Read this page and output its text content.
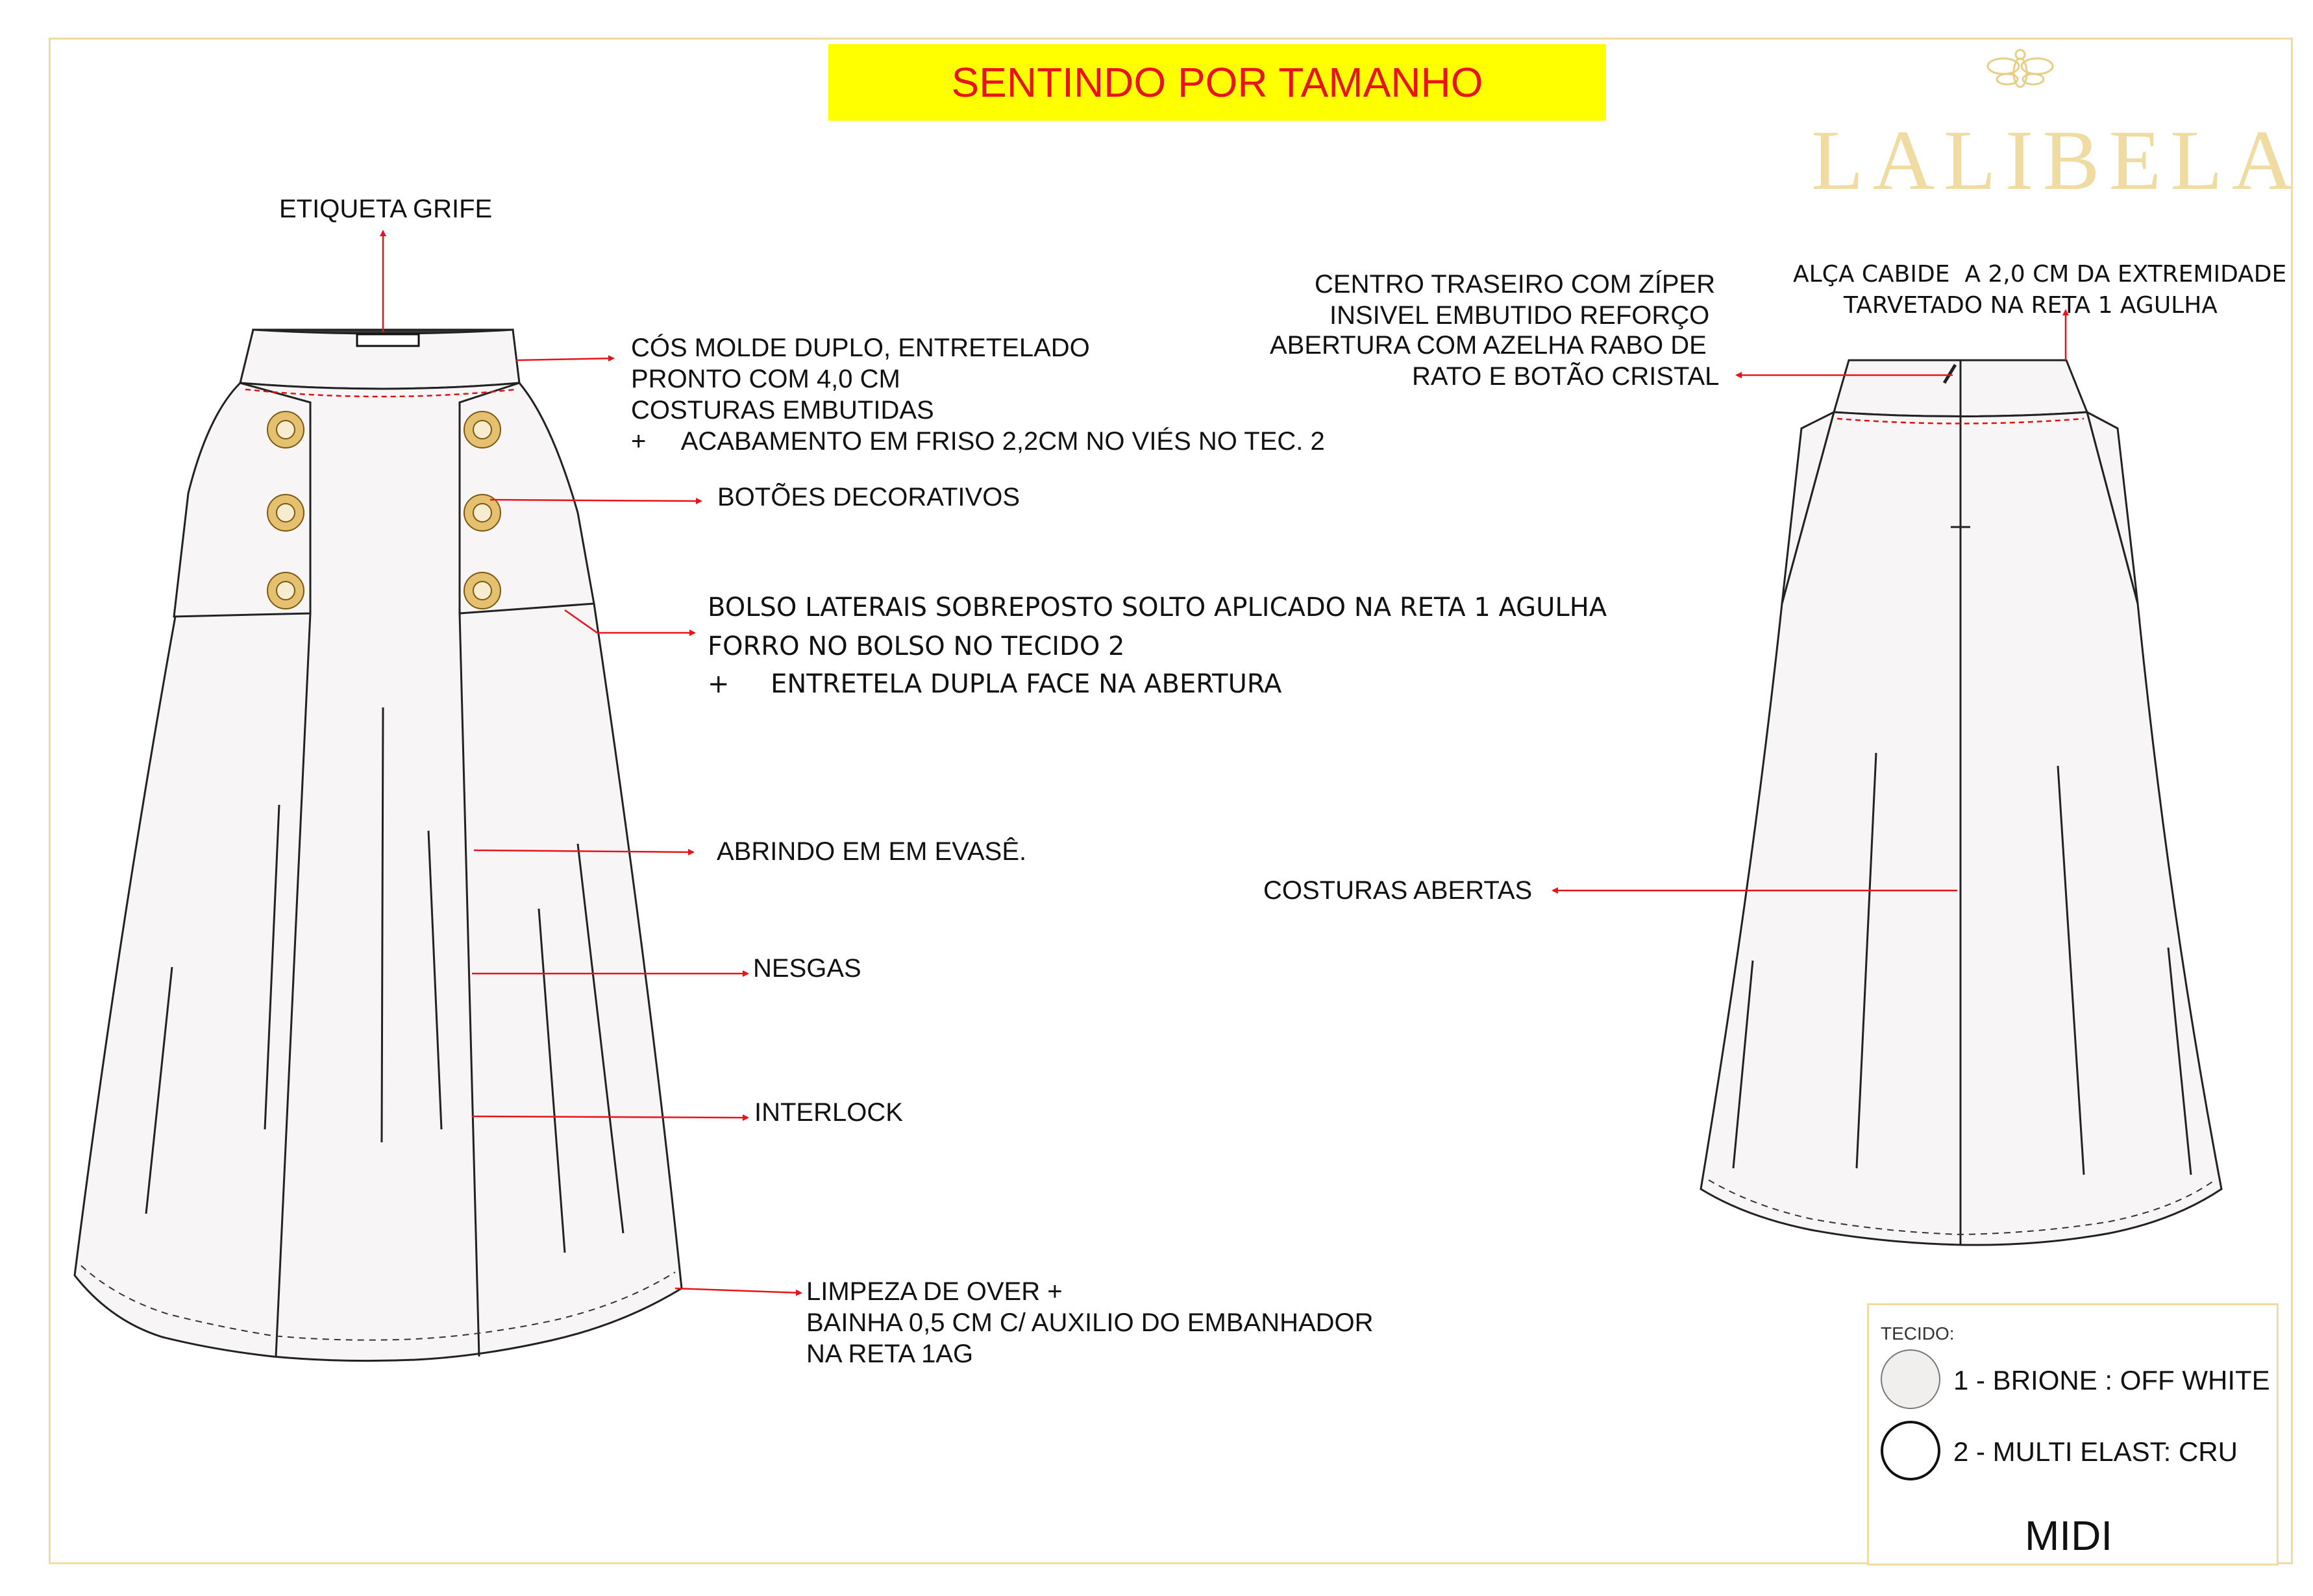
SENTINDO POR TAMANHO
LALIBELA
ETIQUETA GRIFE
CÓS MOLDE DUPLO, ENTRETELADO
PRONTO COM 4,0 CM
COSTURAS EMBUTIDAS
+     ACABAMENTO EM FRISO 2,2CM NO VIÉS NO TEC. 2
BOTÕES DECORATIVOS
BOLSO LATERAIS SOBREPOSTO SOLTO APLICADO NA RETA 1 AGULHA
FORRO NO BOLSO NO TECIDO 2
+     ENTRETELA DUPLA FACE NA ABERTURA
ABRINDO EM EM EVASÊ.
NESGAS
INTERLOCK
LIMPEZA DE OVER +
BAINHA 0,5 CM C/ AUXILIO DO EMBANHADOR
NA RETA 1AG
CENTRO TRASEIRO COM ZÍPER
INSIVEL EMBUTIDO REFORÇO
ABERTURA COM AZELHA RABO DE
RATO E BOTÃO CRISTAL
ALÇA CABIDE  A 2,0 CM DA EXTREMIDADE
TARVETADO NA RETA 1 AGULHA
COSTURAS ABERTAS
TECIDO:
1 - BRIONE : OFF WHITE
2 - MULTI ELAST: CRU
MIDI
